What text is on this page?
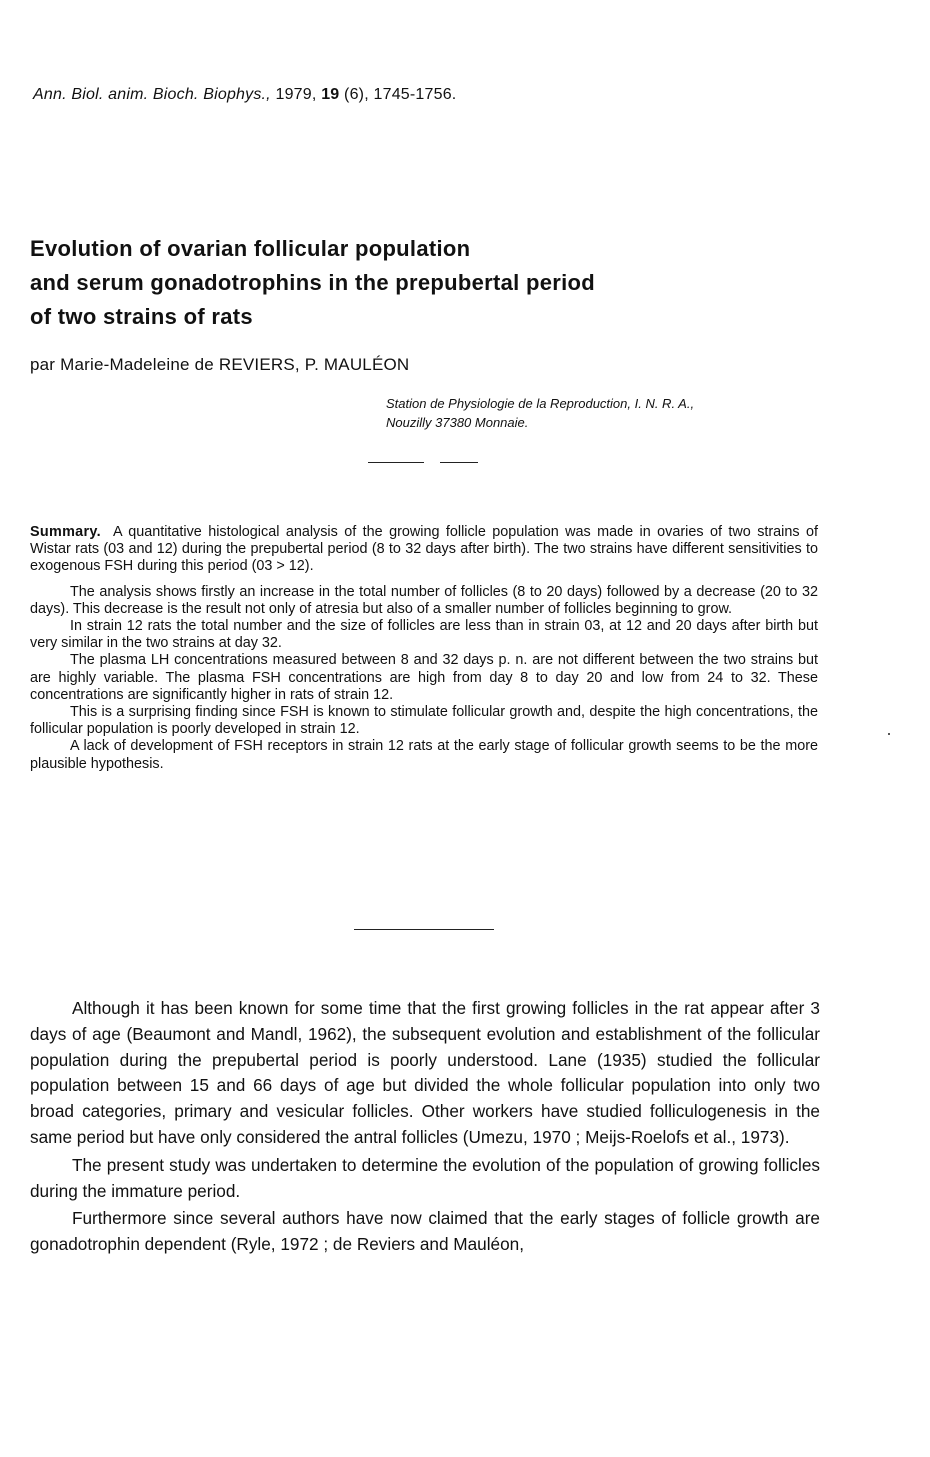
Ann. Biol. anim. Bioch. Biophys., 1979, 19 (6), 1745-1756.
Evolution of ovarian follicular population
and serum gonadotrophins in the prepubertal period
of two strains of rats
par Marie-Madeleine de REVIERS, P. MAULÉON
Station de Physiologie de la Reproduction, I. N. R. A.,
Nouzilly 37380 Monnaie.

Summary. A quantitative histological analysis of the growing follicle population was made in ovaries of two strains of Wistar rats (03 and 12) during the prepubertal period (8 to 32 days after birth). The two strains have different sensitivities to exogenous FSH during this period (03 > 12).

The analysis shows firstly an increase in the total number of follicles (8 to 20 days) followed by a decrease (20 to 32 days). This decrease is the result not only of atresia but also of a smaller number of follicles beginning to grow.

In strain 12 rats the total number and the size of follicles are less than in strain 03, at 12 and 20 days after birth but very similar in the two strains at day 32.

The plasma LH concentrations measured between 8 and 32 days p. n. are not different between the two strains but are highly variable. The plasma FSH concentrations are high from day 8 to day 20 and low from 24 to 32. These concentrations are significantly higher in rats of strain 12.

This is a surprising finding since FSH is known to stimulate follicular growth and, despite the high concentrations, the follicular population is poorly developed in strain 12.

A lack of development of FSH receptors in strain 12 rats at the early stage of follicular growth seems to be the more plausible hypothesis.

Although it has been known for some time that the first growing follicles in the rat appear after 3 days of age (Beaumont and Mandl, 1962), the subsequent evolution and establishment of the follicular population during the prepubertal period is poorly understood. Lane (1935) studied the follicular population between 15 and 66 days of age but divided the whole follicular population into only two broad categories, primary and vesicular follicles. Other workers have studied folliculogenesis in the same period but have only considered the antral follicles (Umezu, 1970 ; Meijs-Roelofs et al., 1973).

The present study was undertaken to determine the evolution of the population of growing follicles during the immature period.

Furthermore since several authors have now claimed that the early stages of follicle growth are gonadotrophin dependent (Ryle, 1972 ; de Reviers and Mauléon,
